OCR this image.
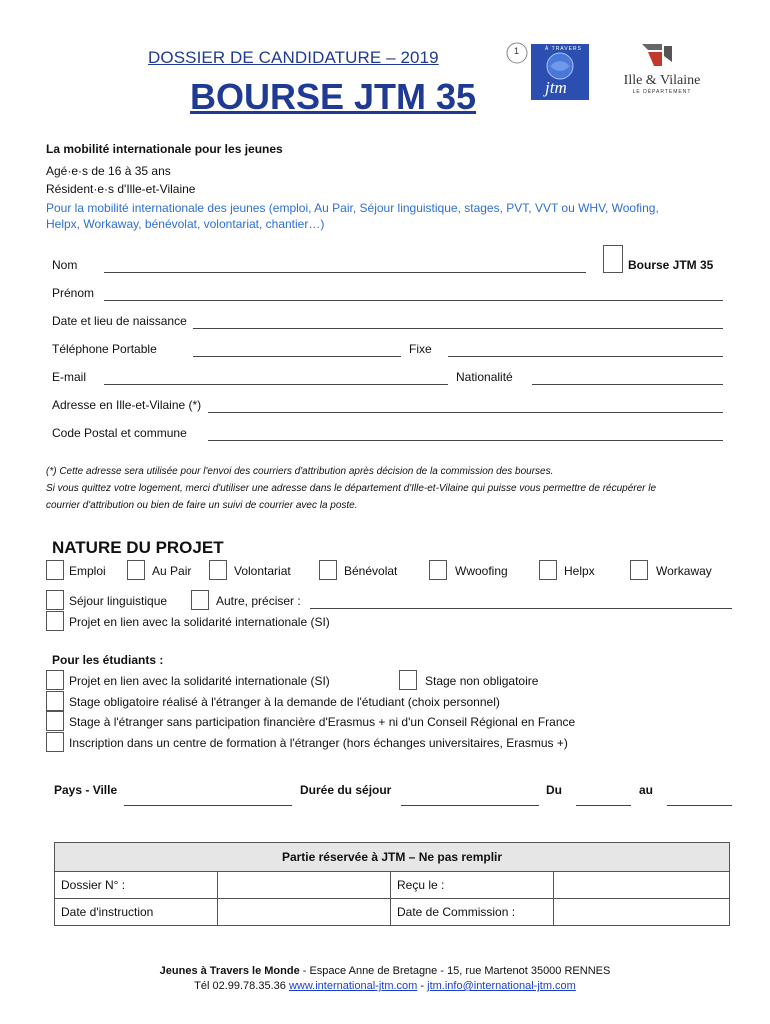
DOSSIER DE CANDIDATURE – 2019
BOURSE JTM 35
1	À TRAVERS
jtm	Ille & Vilaine
LE DÉPARTEMENT
La mobilité internationale pour les jeunes
Agé·e·s de 16 à 35 ans
Résident·e·s d'Ille-et-Vilaine
Pour la mobilité internationale des jeunes (emploi, Au Pair, Séjour linguistique, stages, PVT, VVT ou WHV, Woofing,
Helpx, Workaway, bénévolat, volontariat, chantier…)
Nom	Bourse JTM 35
Prénom
Date et lieu de naissance
Téléphone Portable	Fixe
E-mail	Nationalité
Adresse en Ille-et-Vilaine (*)
Code Postal et commune
(*) Cette adresse sera utilisée pour l'envoi des courriers d'attribution après décision de la commission des bourses.
Si vous quittez votre logement, merci d'utiliser une adresse dans le département d'Ille-et-Vilaine qui puisse vous permettre de récupérer le
courrier d'attribution ou bien de faire un suivi de courrier avec la poste.
NATURE DU PROJET
Emploi	Au Pair	Volontariat	Bénévolat	Wwoofing	Helpx	Workaway
Séjour linguistique	Autre, préciser :
Projet en lien avec la solidarité internationale (SI)
Pour les étudiants :
Projet en lien avec la solidarité internationale (SI)	Stage non obligatoire
Stage obligatoire réalisé à l'étranger à la demande de l'étudiant (choix personnel)
Stage à l'étranger sans participation financière d'Erasmus + ni d'un Conseil Régional en France
Inscription dans un centre de formation à l'étranger (hors échanges universitaires, Erasmus +)
Pays - Ville	Durée du séjour	Du	au
Partie réservée à JTM – Ne pas remplir			
Dossier N° :		Reçu le :	
Date d'instruction		Date de Commission :	
Jeunes à Travers le Monde - Espace Anne de Bretagne - 15, rue Martenot 35000 RENNES
Tél 02.99.78.35.36 www.international-jtm.com - jtm.info@international-jtm.com
